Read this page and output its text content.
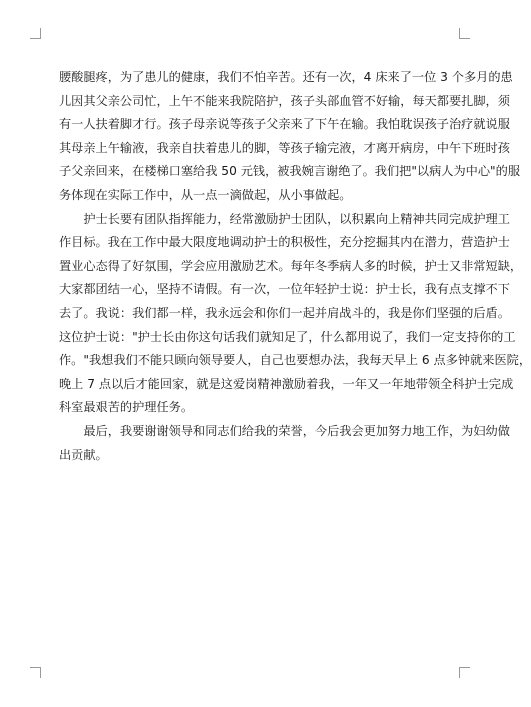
腰酸腿疼，为了患儿的健康，我们不怕辛苦。还有一次，4 床来了一位 3 个多月的患
儿因其父亲公司忙，上午不能来我院陪护，孩子头部血管不好输，每天都要扎脚，须
有一人扶着脚才行。孩子母亲说等孩子父亲来了下午在输。我怕耽误孩子治疗就说服
其母亲上午输液，我亲自扶着患儿的脚，等孩子输完液，才离开病房，中午下班时孩
子父亲回来，在楼梯口塞给我 50 元钱，被我婉言谢绝了。我们把"以病人为中心"的服
务体现在实际工作中，从一点一滴做起，从小事做起。
　　护士长要有团队指挥能力，经常激励护士团队，以积累向上精神共同完成护理工
作目标。我在工作中最大限度地调动护士的积极性，充分挖掘其内在潜力，营造护士
置业心态得了好氛围，学会应用激励艺术。每年冬季病人多的时候，护士又非常短缺，
大家都团结一心，坚持不请假。有一次，一位年轻护士说：护士长，我有点支撑不下
去了。我说：我们都一样，我永远会和你们一起并肩战斗的，我是你们坚强的后盾。
这位护士说："护士长由你这句话我们就知足了，什么都用说了，我们一定支持你的工
作。"我想我们不能只顾向领导要人，自己也要想办法，我每天早上 6 点多钟就来医院，
晚上 7 点以后才能回家，就是这爱岗精神激励着我，一年又一年地带领全科护士完成
科室最艰苦的护理任务。
　　最后，我要谢谢领导和同志们给我的荣誉，今后我会更加努力地工作，为妇幼做
出贡献。
